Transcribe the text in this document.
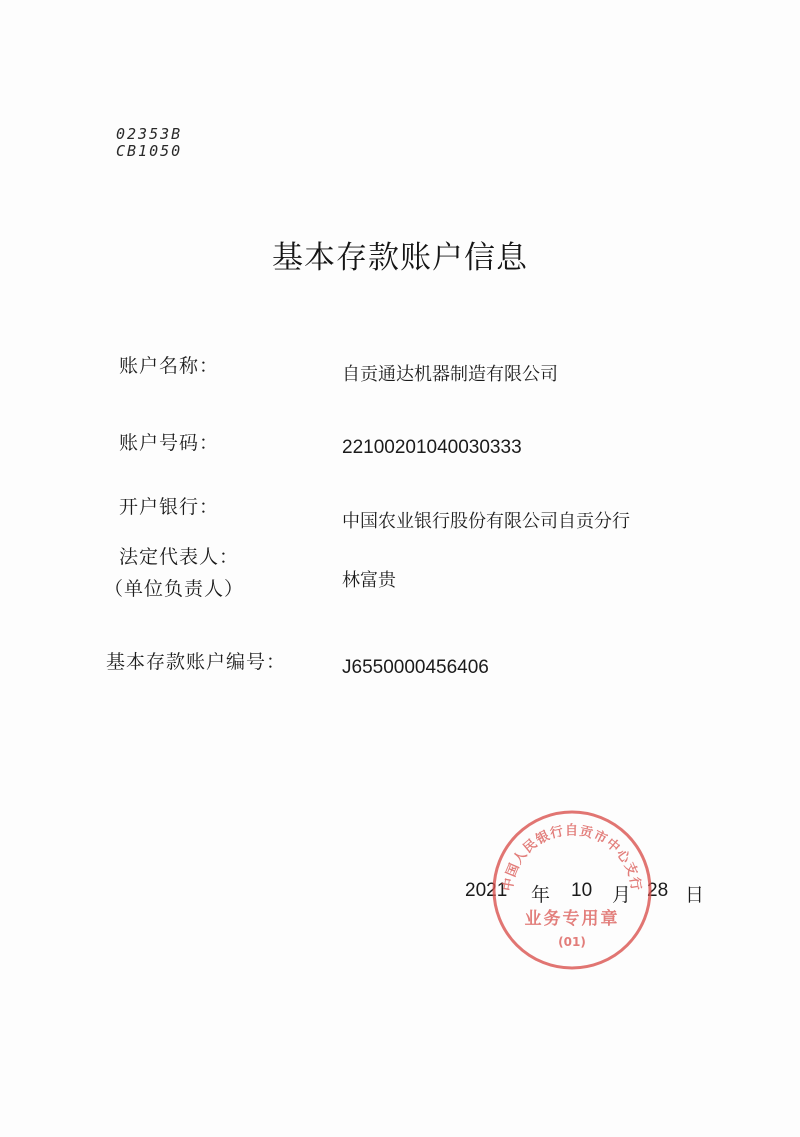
02353B
CB1050
基本存款账户信息
账户名称：	自贡通达机器制造有限公司
账户号码：	22100201040030333
开户银行：
中国农业银行股份有限公司自贡分行
法定代表人：
（单位负责人）	林富贵
基本存款账户编号：	J6550000456406
2021 年 10 月 28 日
中国人民银行自贡市中心支行
业务专用章
(01)
